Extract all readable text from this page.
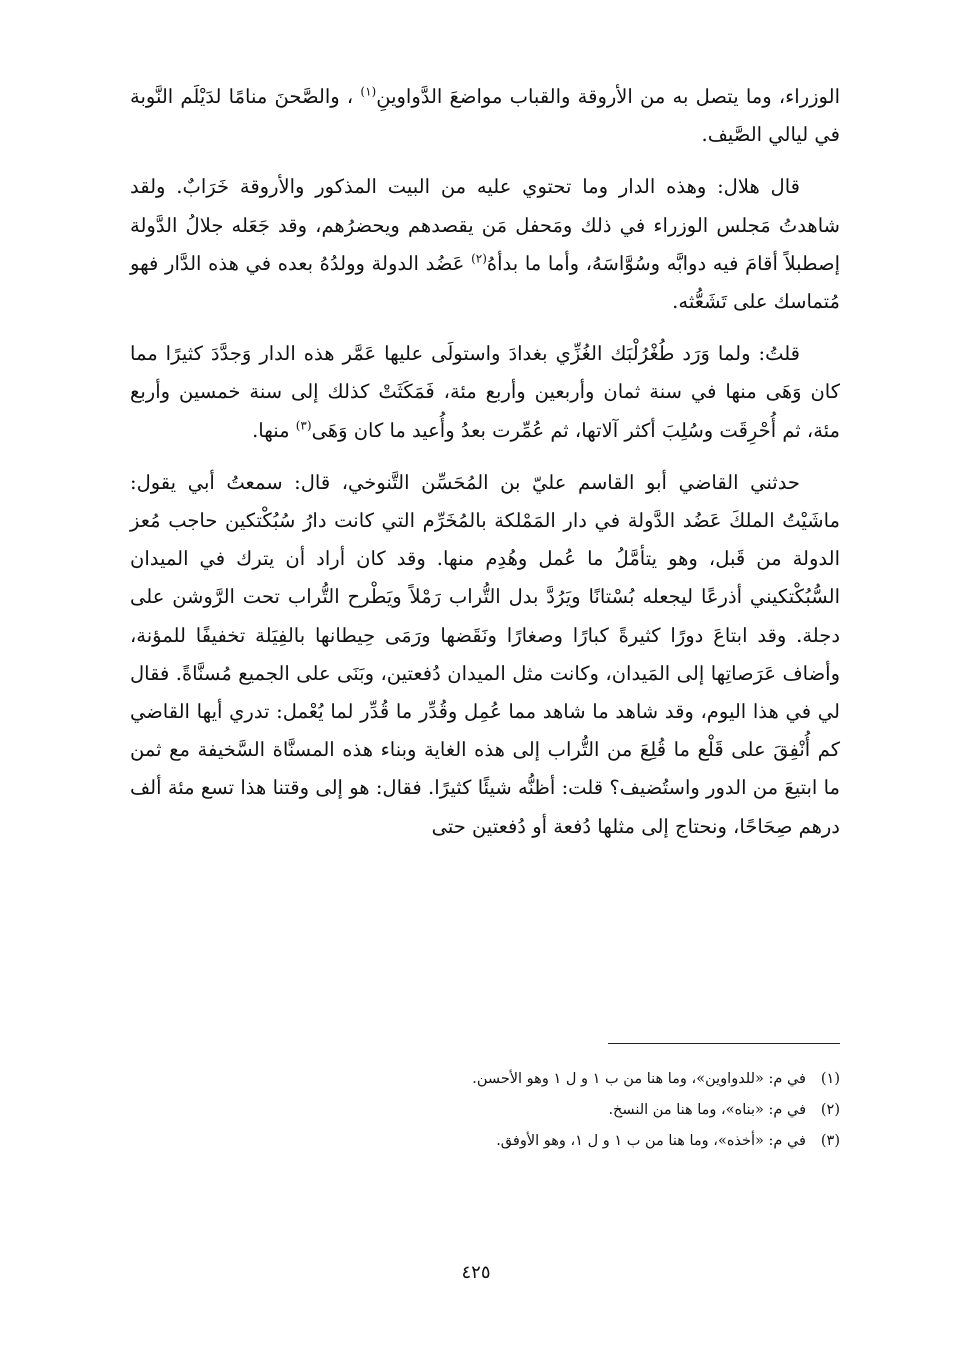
الوزراء، وما يتصل به من الأروقة والقباب مواضعَ الدَّواوينِ$^{(١)}$ ، والصَّحنَ منامًا لدَيْلَم النَّوبة في ليالي الصَّيف.

قال هلال: وهذه الدار وما تحتوي عليه من البيت المذكور والأروقة خَرَابٌ. ولقد شاهدتُ مَجلس الوزراء في ذلك ومَحفل مَن يقصدهم ويحضرُهم، وقد جَعَله جلالُ الدَّولة إصطبلاً أقامَ فيه دوابَّه وسُوَّاسَهُ، وأما ما بدأهُ$^{(٢)}$ عَضُد الدولة وولدُهُ بعده في هذه الدَّار فهو مُتماسك على تَشَعُّثه.

قلتُ: ولما وَرَد طُغْرُلْبَك الغُزِّي بغدادَ واستولَى عليها عَمَّر هذه الدار وَجدَّدَ كثيرًا مما كان وَهَى منها في سنة ثمان وأربعين وأربع مئة، فَمَكَثَتْ كذلك إلى سنة خمسين وأربع مئة، ثم أُحْرِقَت وسُلِبَ أكثر آلاتها، ثم عُمِّرت بعدُ وأُعيد ما كان وَهَى$^{(٣)}$ منها.

حدثني القاضي أبو القاسم عليّ بن المُحَسِّن التَّنوخي، قال: سمعتُ أبي يقول: ماشَيْتُ الملكَ عَضُد الدَّولة في دار المَمْلكة بالمُخَرِّم التي كانت دارُ سُبُكْتكين حاجب مُعز الدولة من قَبل، وهو يتأمَّلُ ما عُمل وهُدِم منها. وقد كان أراد أن يترك في الميدان السُّبُكْتكيني أذرعًا ليجعله بُسْتانًا ويَرُدَّ بدل التُّراب رَمْلاً ويَطْرح التُّراب تحت الرَّوشن على دجلة. وقد ابتاعَ دورًا كثيرةً كبارًا وصغارًا ونَقَضها ورَمَى حِيطانها بالفِيَلة تخفيفًا للمؤنة، وأضاف عَرَصاتِها إلى المَيدان، وكانت مثل الميدان دُفعتين، وبَنَى على الجميع مُسنَّاةً. فقال لي في هذا اليوم، وقد شاهد ما شاهد مما عُمِل وقُدِّر ما قُدِّر لما يُعْمل: تدري أيها القاضي كم أُنْفِقَ على قَلْع ما قُلِعَ من التُّراب إلى هذه الغاية وبناء هذه المسنَّاة السَّخيفة مع ثمن ما ابتيعَ من الدور واستُضيف؟ قلت: أظنُّه شيئًا كثيرًا. فقال: هو إلى وقتنا هذا تسع مئة ألف درهم صِحَاحًا، ونحتاج إلى مثلها دُفعة أو دُفعتين حتى

(١)
في م: «للدواوين»، وما هنا من ب ١ و ل ١ وهو الأحسن.
(٢)
في م: «بناه»، وما هنا من النسخ.
(٣)
في م: «أخذه»، وما هنا من ب ١ و ل ١، وهو الأوفق.
٤٢٥
